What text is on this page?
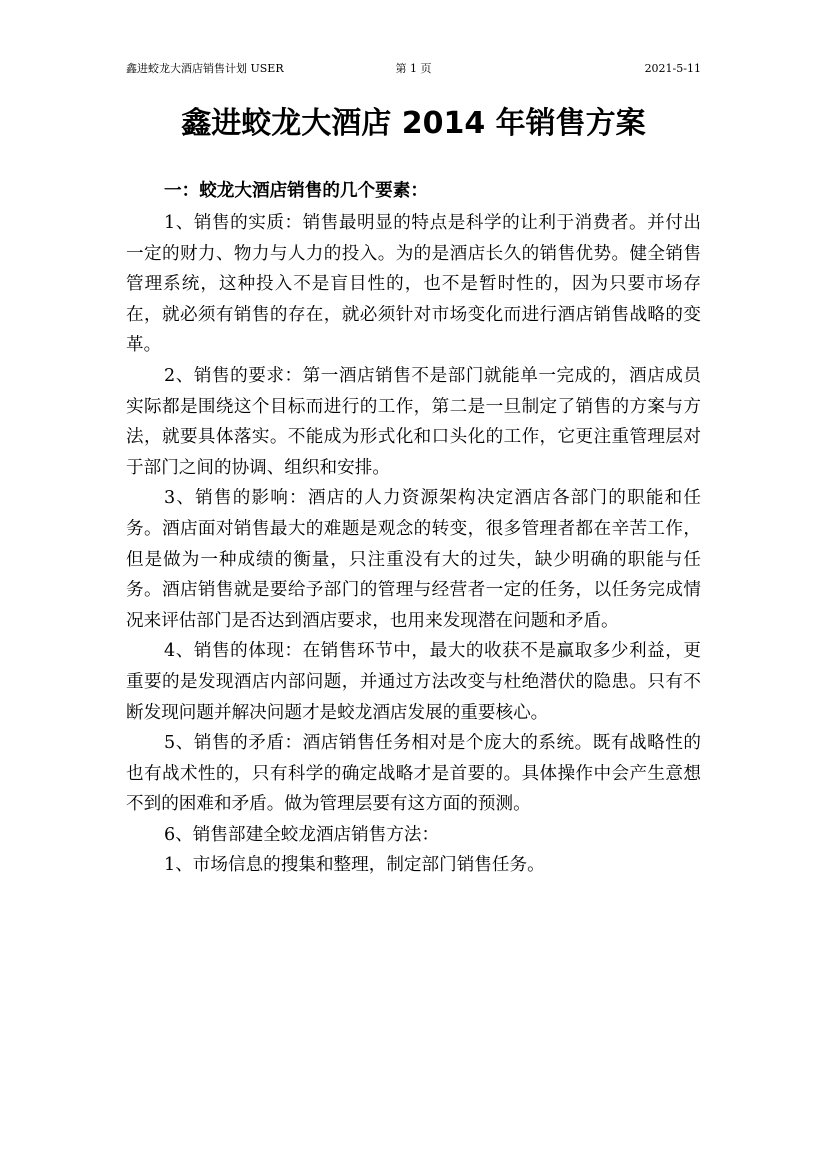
第 1 页
鑫进蛟龙大酒店销售计划 USER	2021-5-11
鑫进蛟龙大酒店 2014 年销售方案

一：蛟龙大酒店销售的几个要素：

1、销售的实质：销售最明显的特点是科学的让利于消费者。并付出一定的财力、物力与人力的投入。为的是酒店长久的销售优势。健全销售管理系统，这种投入不是盲目性的，也不是暂时性的，因为只要市场存在，就必须有销售的存在，就必须针对市场变化而进行酒店销售战略的变革。

2、销售的要求：第一酒店销售不是部门就能单一完成的，酒店成员实际都是围绕这个目标而进行的工作，第二是一旦制定了销售的方案与方法，就要具体落实。不能成为形式化和口头化的工作，它更注重管理层对于部门之间的协调、组织和安排。

3、销售的影响：酒店的人力资源架构决定酒店各部门的职能和任务。酒店面对销售最大的难题是观念的转变，很多管理者都在辛苦工作，但是做为一种成绩的衡量，只注重没有大的过失，缺少明确的职能与任务。酒店销售就是要给予部门的管理与经营者一定的任务，以任务完成情况来评估部门是否达到酒店要求，也用来发现潜在问题和矛盾。

4、销售的体现：在销售环节中，最大的收获不是赢取多少利益，更重要的是发现酒店内部问题，并通过方法改变与杜绝潜伏的隐患。只有不断发现问题并解决问题才是蛟龙酒店发展的重要核心。

5、销售的矛盾：酒店销售任务相对是个庞大的系统。既有战略性的也有战术性的，只有科学的确定战略才是首要的。具体操作中会产生意想不到的困难和矛盾。做为管理层要有这方面的预测。

6、销售部建全蛟龙酒店销售方法：

1、市场信息的搜集和整理，制定部门销售任务。
